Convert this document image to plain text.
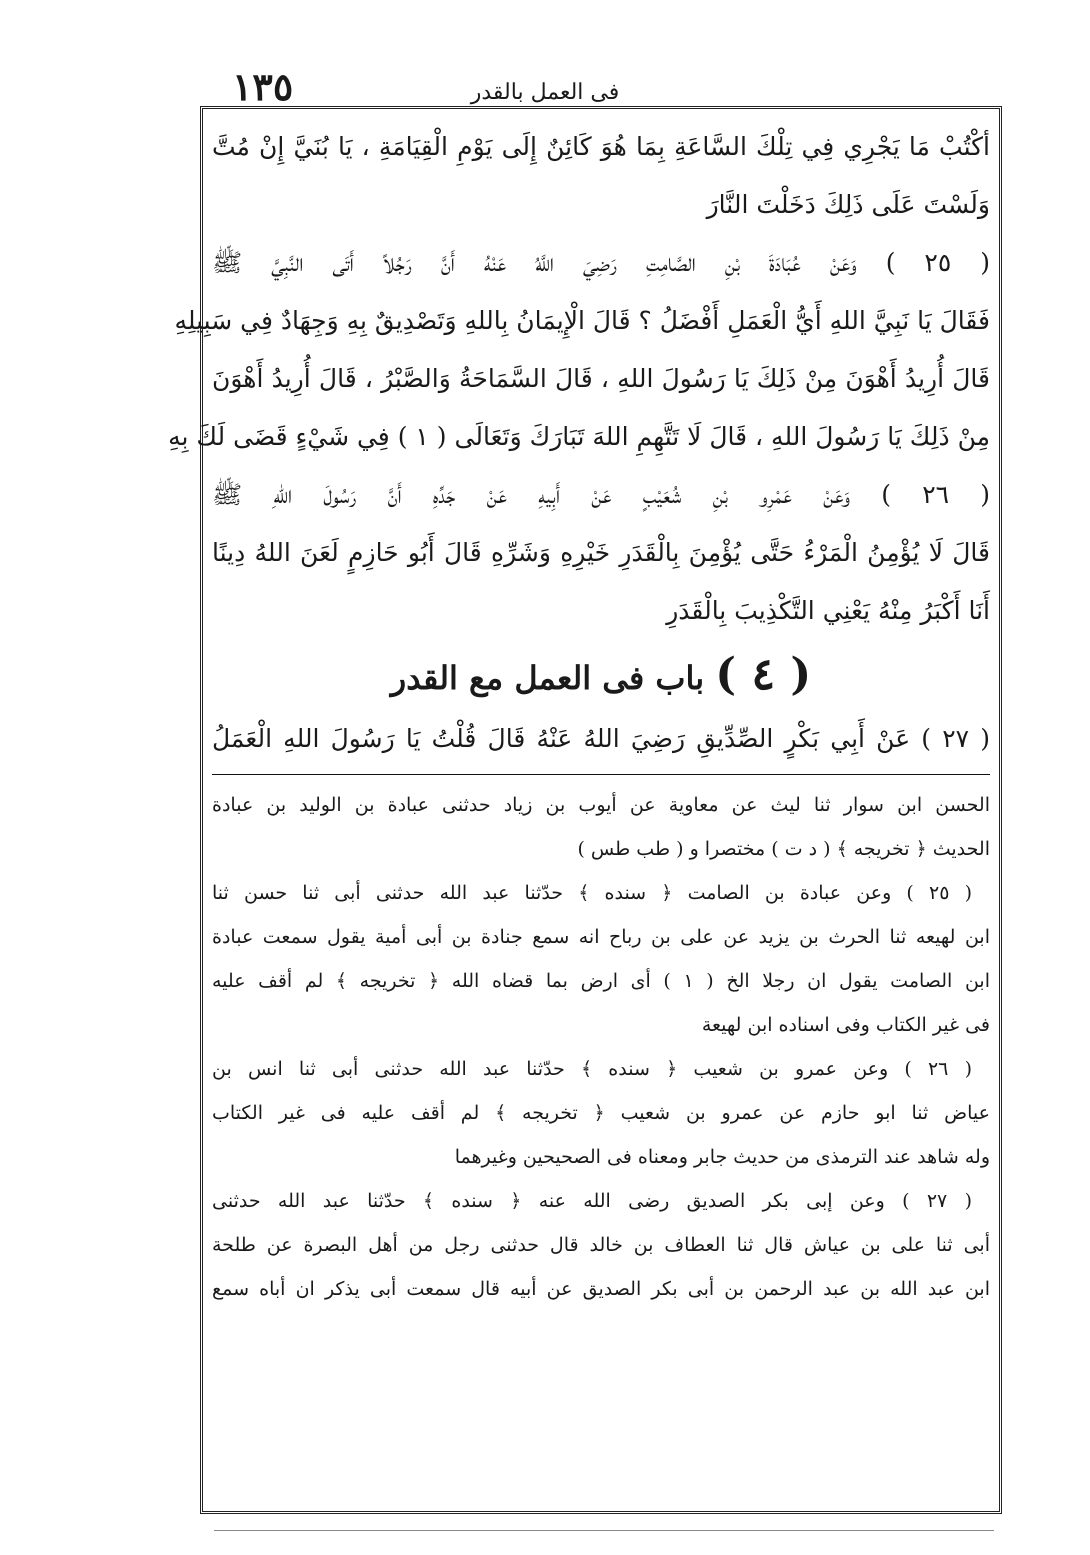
١٣٥	فى العمل بالقدر
أكْتُبْ مَا يَجْرِي فِي تِلْكَ السَّاعَةِ بِمَا هُوَ كَائِنٌ إِلَى يَوْمِ الْقِيَامَةِ ، يَا بُنَيَّ إِنْ مُتَّ
وَلَسْتَ عَلَى ذَلِكَ دَخَلْتَ النَّارَ
( ٢٥ ) وَعَنْ عُبَادَةَ بْنِ الصَّامِتِ رَضِيَ اللَّهُ عَنْهُ أَنَّ رَجُلاً أَتَى النَّبِيَّ ﷺ
فَقَالَ يَا نَبِيَّ اللهِ أَيُّ الْعَمَلِ أَفْضَلُ ؟ قَالَ الْإِيمَانُ بِاللهِ وَتَصْدِيقٌ بِهِ وَجِهَادٌ فِي سَبِيلِهِ
قَالَ أُرِيدُ أَهْوَنَ مِنْ ذَلِكَ يَا رَسُولَ اللهِ ، قَالَ السَّمَاحَةُ وَالصَّبْرُ ، قَالَ أُرِيدُ أَهْوَنَ
مِنْ ذَلِكَ يَا رَسُولَ اللهِ ، قَالَ لَا تَتَّهِمِ اللهَ تَبَارَكَ وَتَعَالَى ( ١ ) فِي شَيْءٍ قَضَى لَكَ بِهِ
( ٢٦ ) وَعَنْ عَمْرِو بْنِ شُعَيْبٍ عَنْ أَبِيهِ عَنْ جَدِّهِ أَنَّ رَسُولَ اللهِ ﷺ
قَالَ لَا يُؤْمِنُ الْمَرْءُ حَتَّى يُؤْمِنَ بِالْقَدَرِ خَيْرِهِ وَشَرِّهِ قَالَ أَبُو حَازِمٍ لَعَنَ اللهُ دِينًا
أَنَا أَكْبَرُ مِنْهُ يَعْنِي التَّكْذِيبَ بِالْقَدَرِ
( ٤ ) باب فى العمل مع القدر
( ٢٧ ) عَنْ أَبِي بَكْرٍ الصِّدِّيقِ رَضِيَ اللهُ عَنْهُ قَالَ قُلْتُ يَا رَسُولَ اللهِ الْعَمَلُ
الحسن ابن سوار ثنا ليث عن معاوية عن أيوب بن زياد حدثنى عبادة بن الوليد بن عبادة
الحديث ﴿ تخريجه ﴾ ( د ت ) مختصرا و ( طب طس )
( ٢٥ ) وعن عبادة بن الصامت ﴿ سنده ﴾ حدّثنا عبد الله حدثنى أبى ثنا حسن ثنا
ابن لهيعه ثنا الحرث بن يزيد عن على بن رباح انه سمع جنادة بن أبى أمية يقول سمعت عبادة
ابن الصامت يقول ان رجلا الخ ( ١ ) أى ارض بما قضاه الله ﴿ تخريجه ﴾ لم أقف عليه
فى غير الكتاب وفى اسناده ابن لهيعة
( ٢٦ ) وعن عمرو بن شعيب ﴿ سنده ﴾ حدّثنا عبد الله حدثنى أبى ثنا انس بن
عياض ثنا ابو حازم عن عمرو بن شعيب ﴿ تخريجه ﴾ لم أقف عليه فى غير الكتاب
وله شاهد عند الترمذى من حديث جابر ومعناه فى الصحيحين وغيرهما
( ٢٧ ) وعن إبى بكر الصديق رضى الله عنه ﴿ سنده ﴾ حدّثنا عبد الله حدثنى
أبى ثنا على بن عياش قال ثنا العطاف بن خالد قال حدثنى رجل من أهل البصرة عن طلحة
ابن عبد الله بن عبد الرحمن بن أبى بكر الصديق عن أبيه قال سمعت أبى يذكر ان أباه سمع
